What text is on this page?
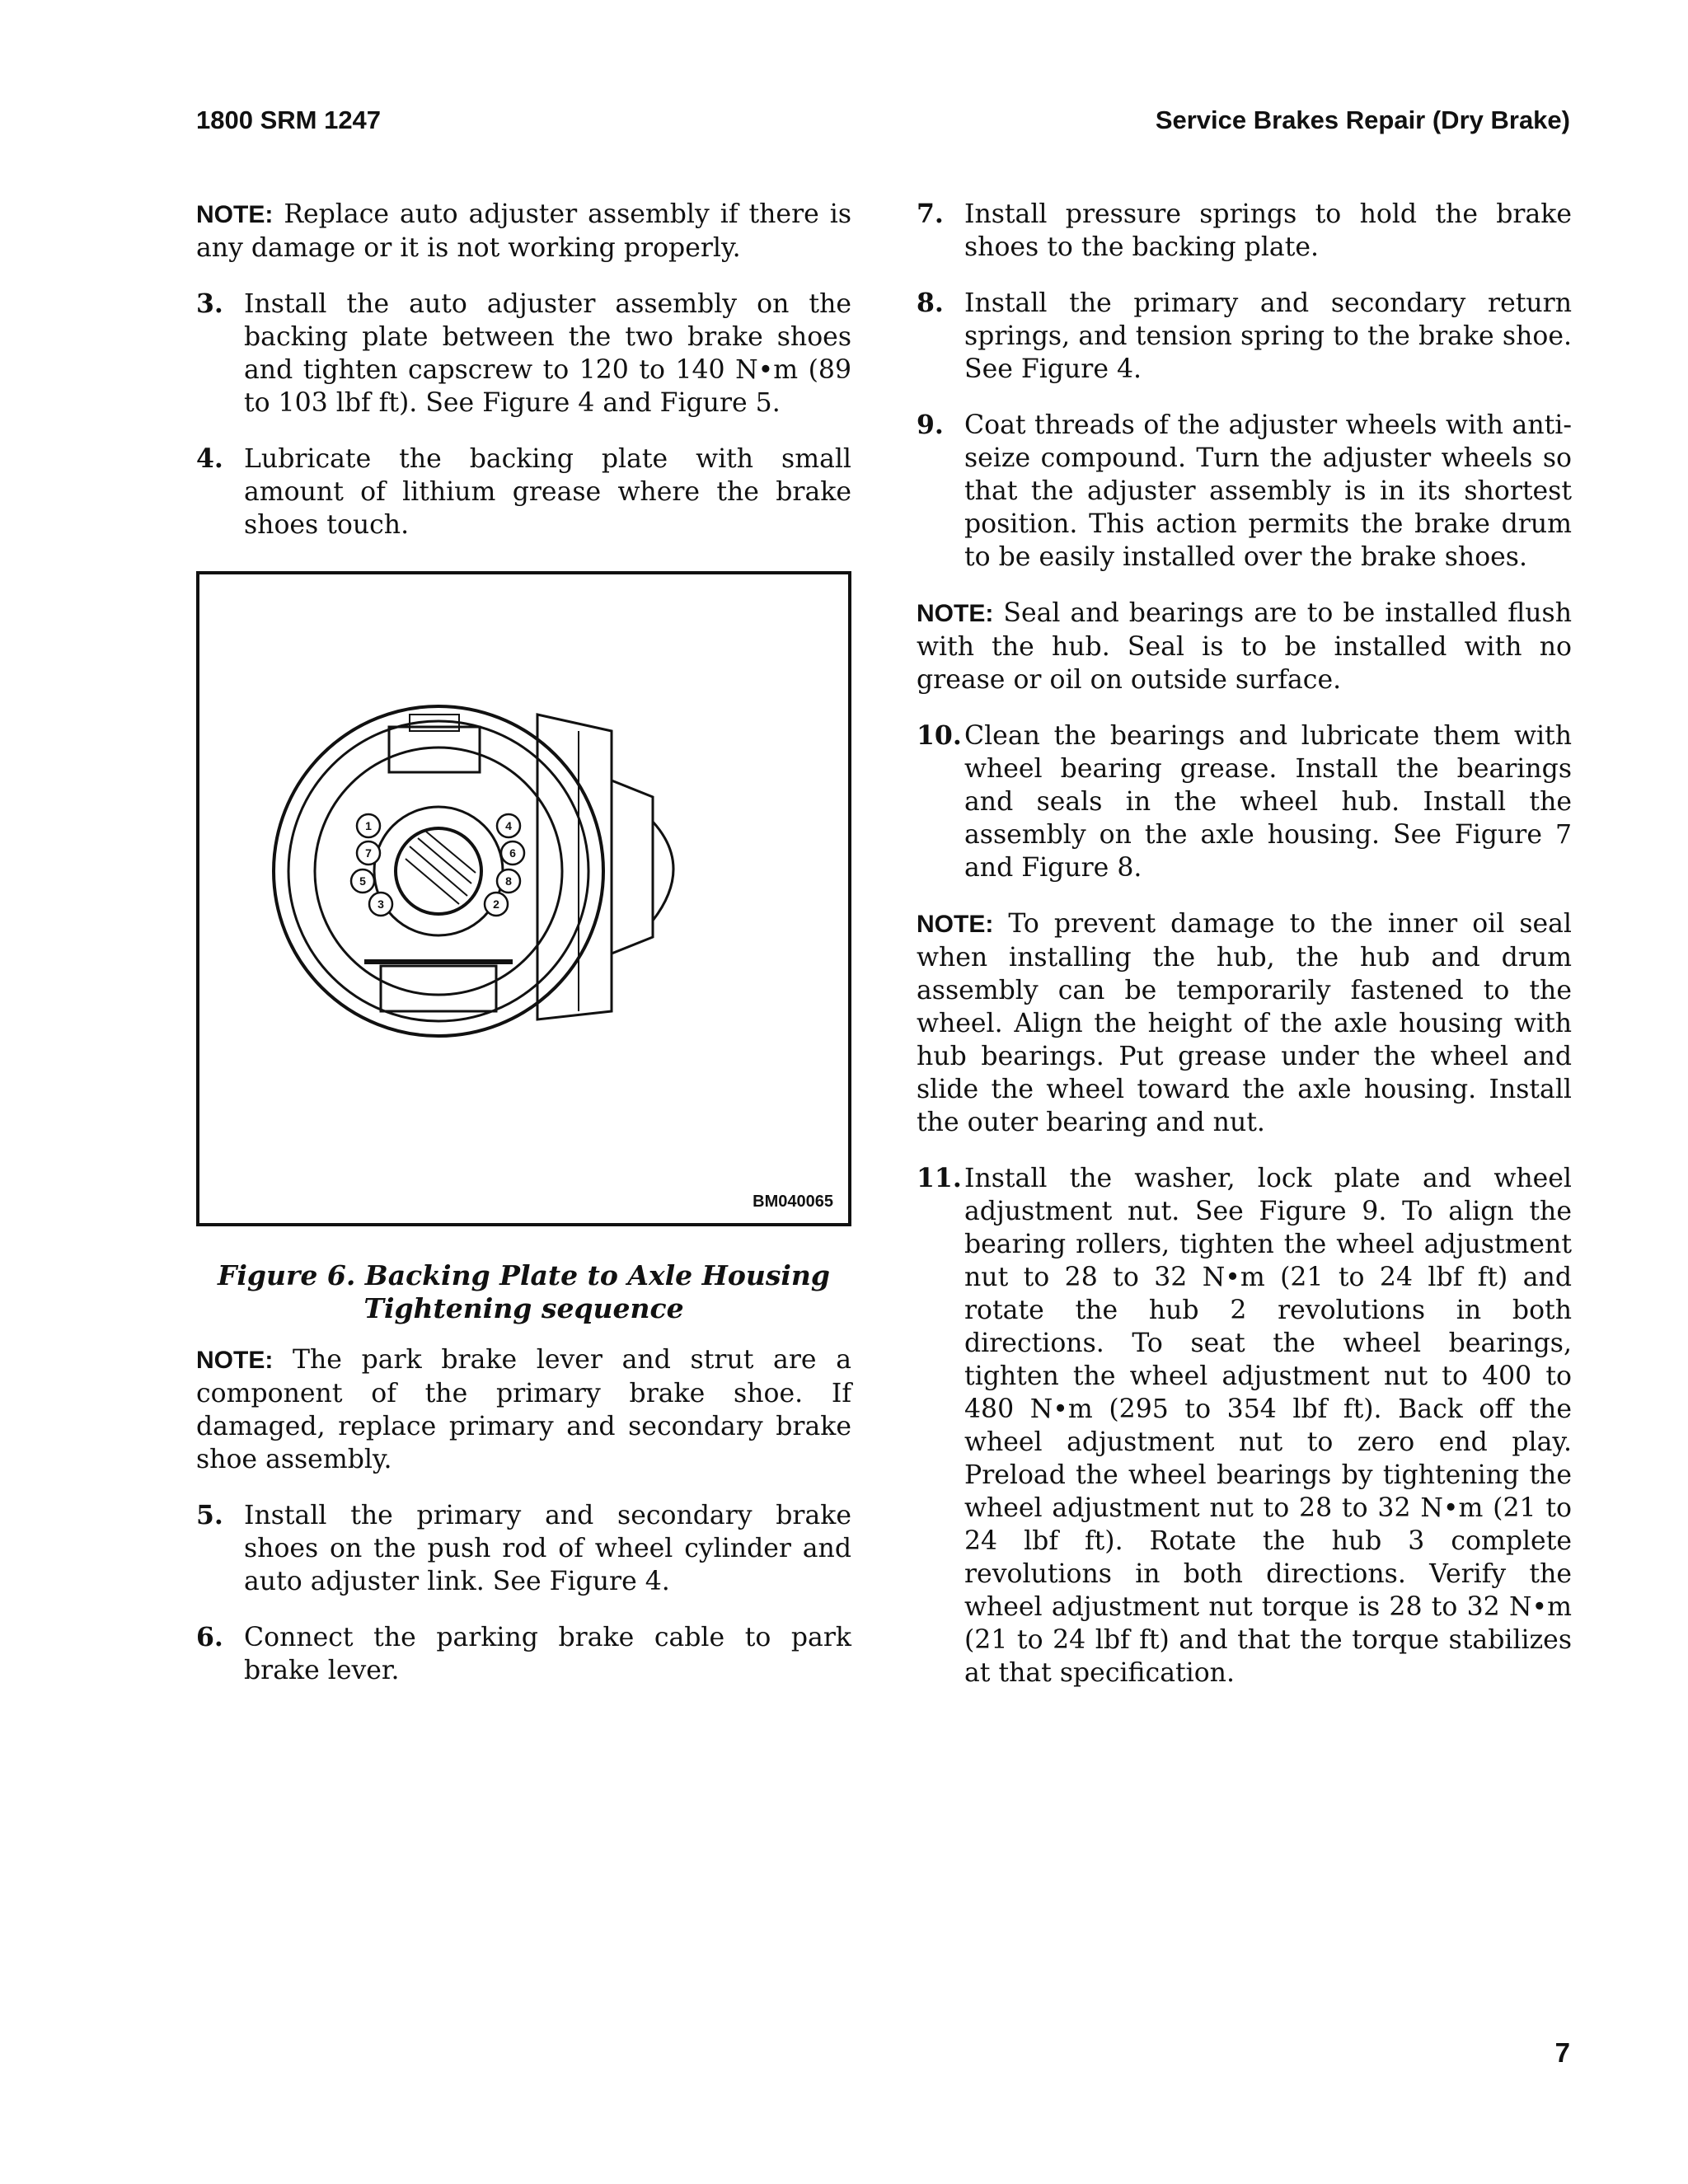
1800 SRM 1247	Service Brakes Repair (Dry Brake)

NOTE: Replace auto adjuster assembly if there is any damage or it is not working properly.

3. Install the auto adjuster assembly on the backing plate between the two brake shoes and tighten capscrew to 120 to 140 N•m (89 to 103 lbf ft). See Figure 4 and Figure 5.

4. Lubricate the backing plate with small amount of lithium grease where the brake shoes touch.

1
7
5
3
4
6
8
2
BM040065
Figure 6. Backing Plate to Axle Housing
Tightening sequence

NOTE: The park brake lever and strut are a component of the primary brake shoe. If damaged, replace primary and secondary brake shoe assembly.

5. Install the primary and secondary brake shoes on the push rod of wheel cylinder and auto adjuster link. See Figure 4.

6. Connect the parking brake cable to park brake lever.

7. Install pressure springs to hold the brake shoes to the backing plate.

8. Install the primary and secondary return springs, and tension spring to the brake shoe. See Figure 4.

9. Coat threads of the adjuster wheels with anti-seize compound. Turn the adjuster wheels so that the adjuster assembly is in its shortest position. This action permits the brake drum to be easily installed over the brake shoes.

NOTE: Seal and bearings are to be installed flush with the hub. Seal is to be installed with no grease or oil on outside surface.

10. Clean the bearings and lubricate them with wheel bearing grease. Install the bearings and seals in the wheel hub. Install the assembly on the axle housing. See Figure 7 and Figure 8.

NOTE: To prevent damage to the inner oil seal when installing the hub, the hub and drum assembly can be temporarily fastened to the wheel. Align the height of the axle housing with hub bearings. Put grease under the wheel and slide the wheel toward the axle housing. Install the outer bearing and nut.

11. Install the washer, lock plate and wheel adjustment nut. See Figure 9. To align the bearing rollers, tighten the wheel adjustment nut to 28 to 32 N•m (21 to 24 lbf ft) and rotate the hub 2 revolutions in both directions. To seat the wheel bearings, tighten the wheel adjustment nut to 400 to 480 N•m (295 to 354 lbf ft). Back off the wheel adjustment nut to zero end play. Preload the wheel bearings by tightening the wheel adjustment nut to 28 to 32 N•m (21 to 24 lbf ft). Rotate the hub 3 complete revolutions in both directions. Verify the wheel adjustment nut torque is 28 to 32 N•m (21 to 24 lbf ft) and that the torque stabilizes at that specification.

7
